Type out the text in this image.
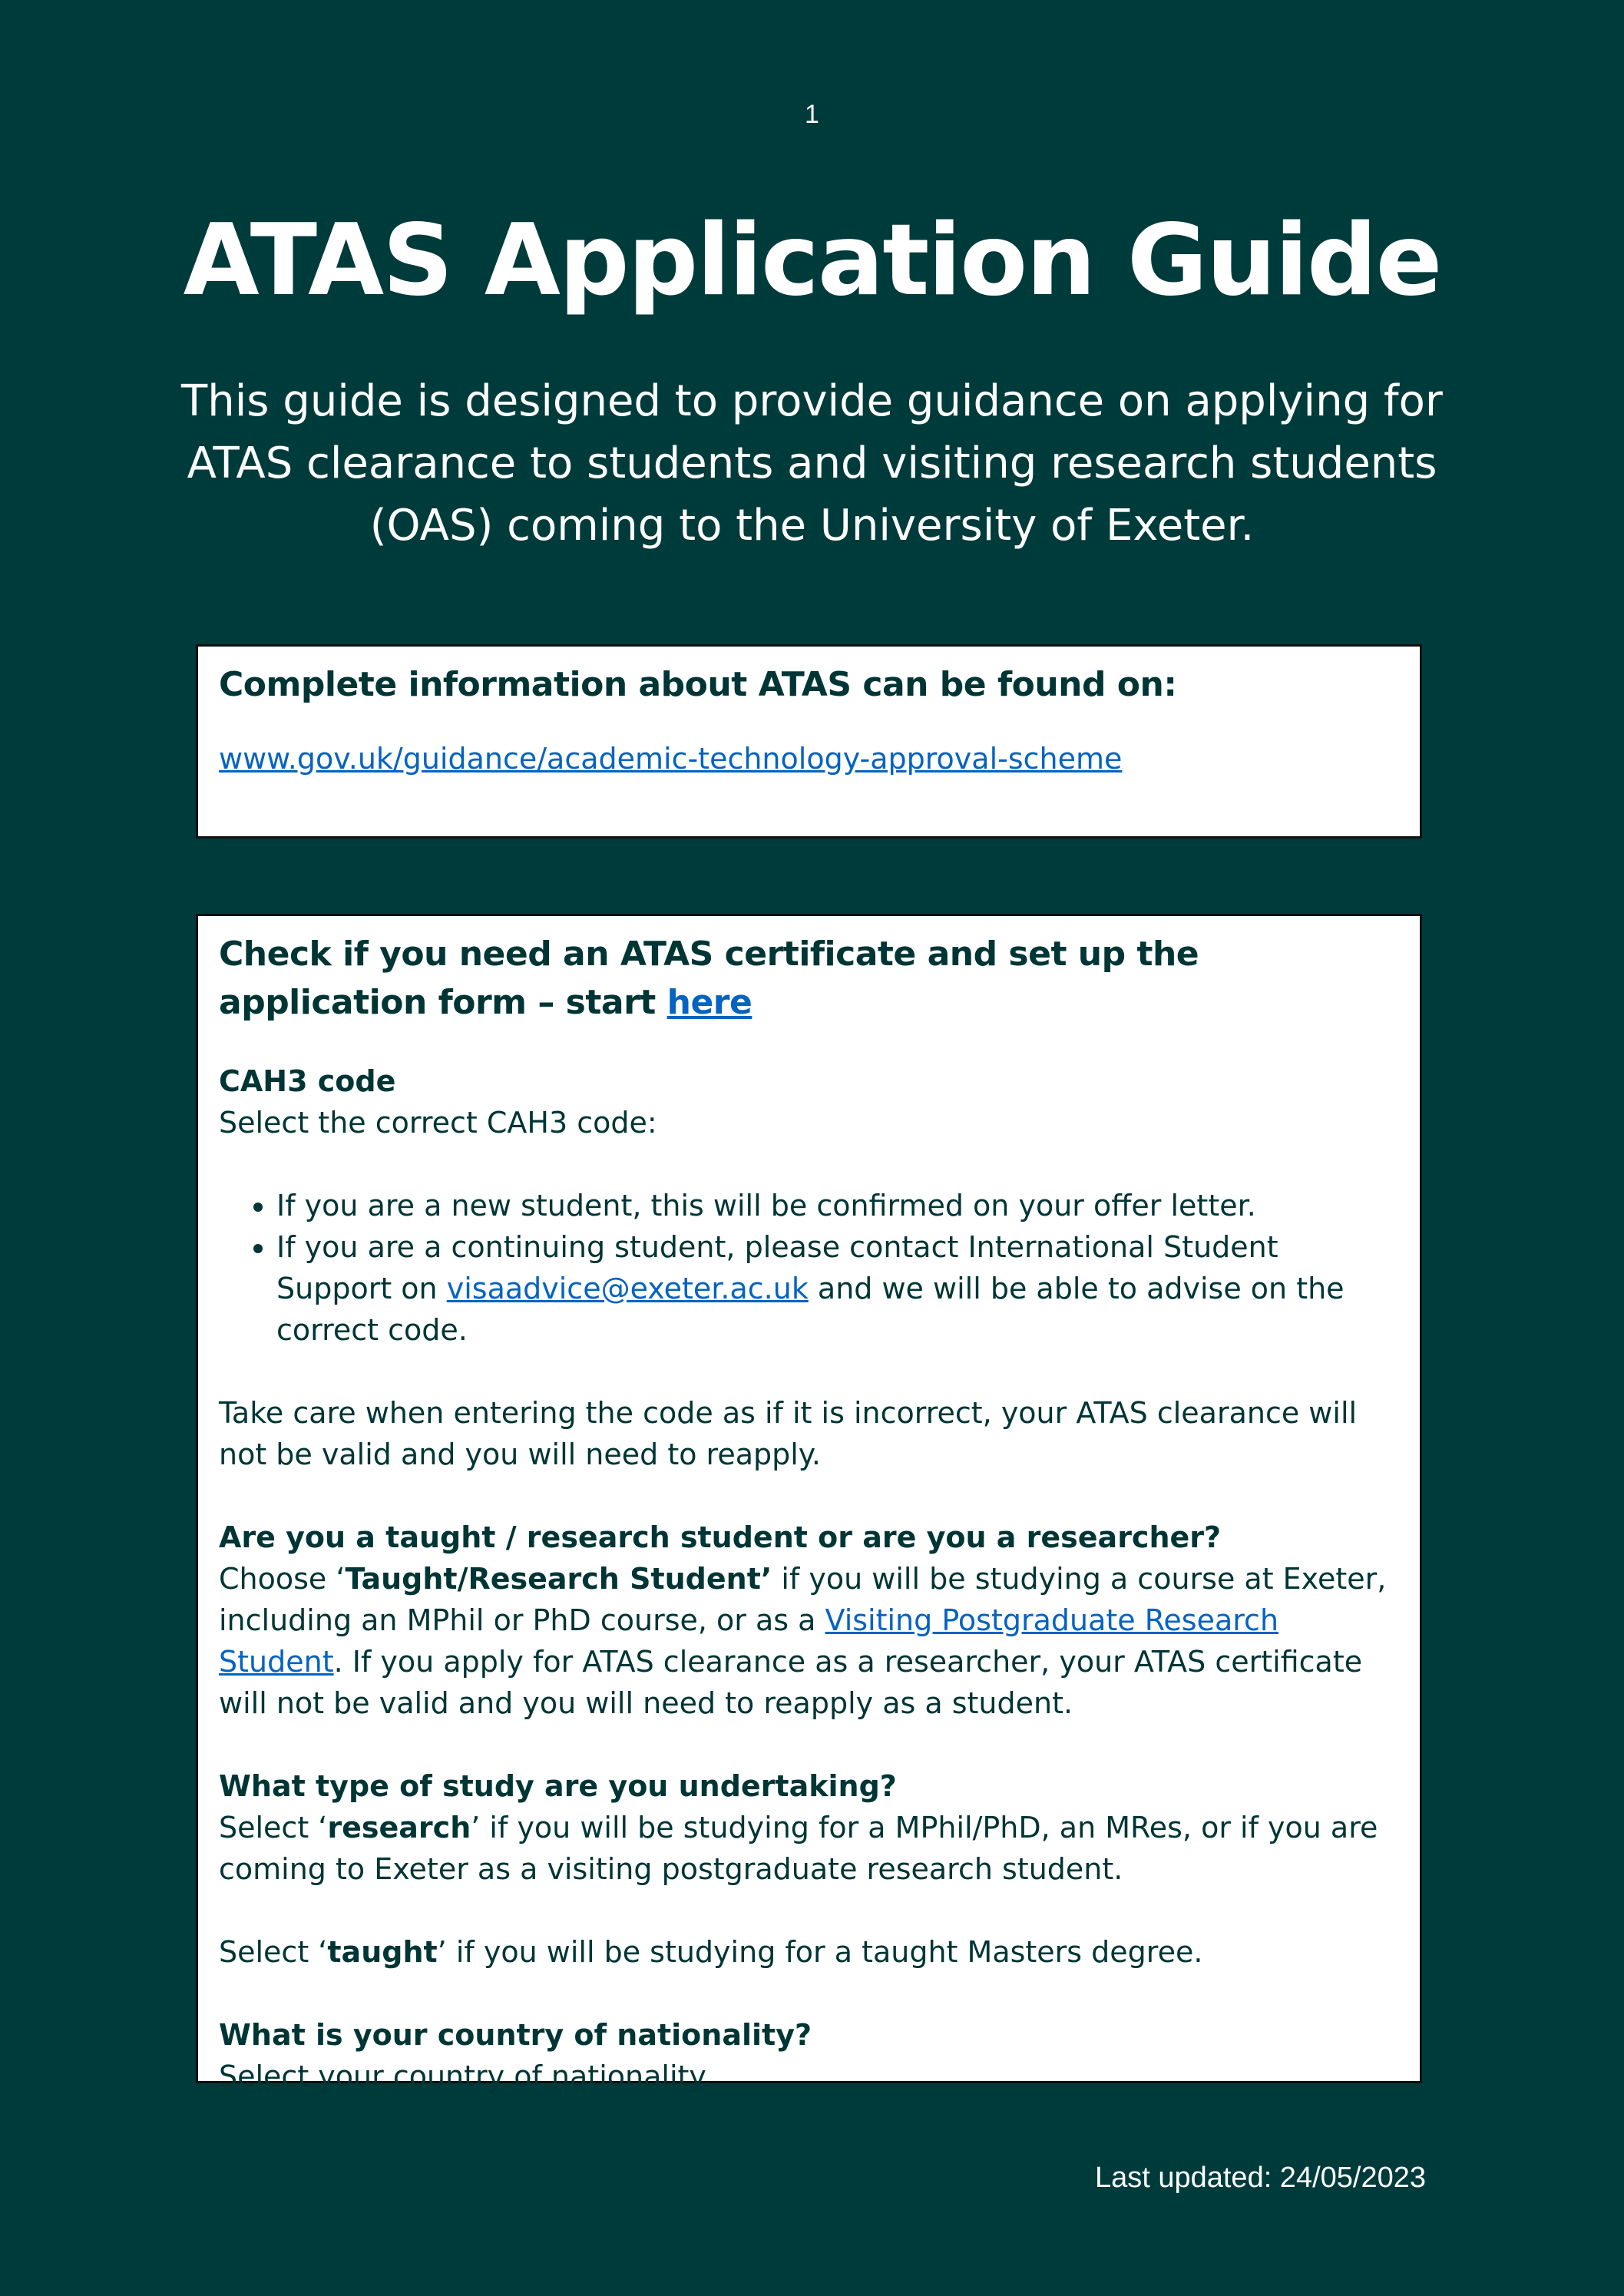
1
ATAS Application Guide

This guide is designed to provide guidance on applying for ATAS clearance to students and visiting research students (OAS) coming to the University of Exeter.

Complete information about ATAS can be found on:

www.gov.uk/guidance/academic-technology-approval-scheme

Check if you need an ATAS certificate and set up the application form – start here

CAH3 code

Select the correct CAH3 code:

• If you are a new student, this will be confirmed on your offer letter.
• If you are a continuing student, please contact International Student Support on visaadvice@exeter.ac.uk and we will be able to advise on the correct code.

Take care when entering the code as if it is incorrect, your ATAS clearance will not be valid and you will need to reapply.

Are you a taught / research student or are you a researcher?

Choose ‘Taught/Research Student’ if you will be studying a course at Exeter, including an MPhil or PhD course, or as a Visiting Postgraduate Research Student. If you apply for ATAS clearance as a researcher, your ATAS certificate will not be valid and you will need to reapply as a student.

What type of study are you undertaking?

Select ‘research’ if you will be studying for a MPhil/PhD, an MRes, or if you are coming to Exeter as a visiting postgraduate research student.

Select ‘taught’ if you will be studying for a taught Masters degree.

What is your country of nationality?

Select your country of nationality.

Last updated: 24/05/2023
